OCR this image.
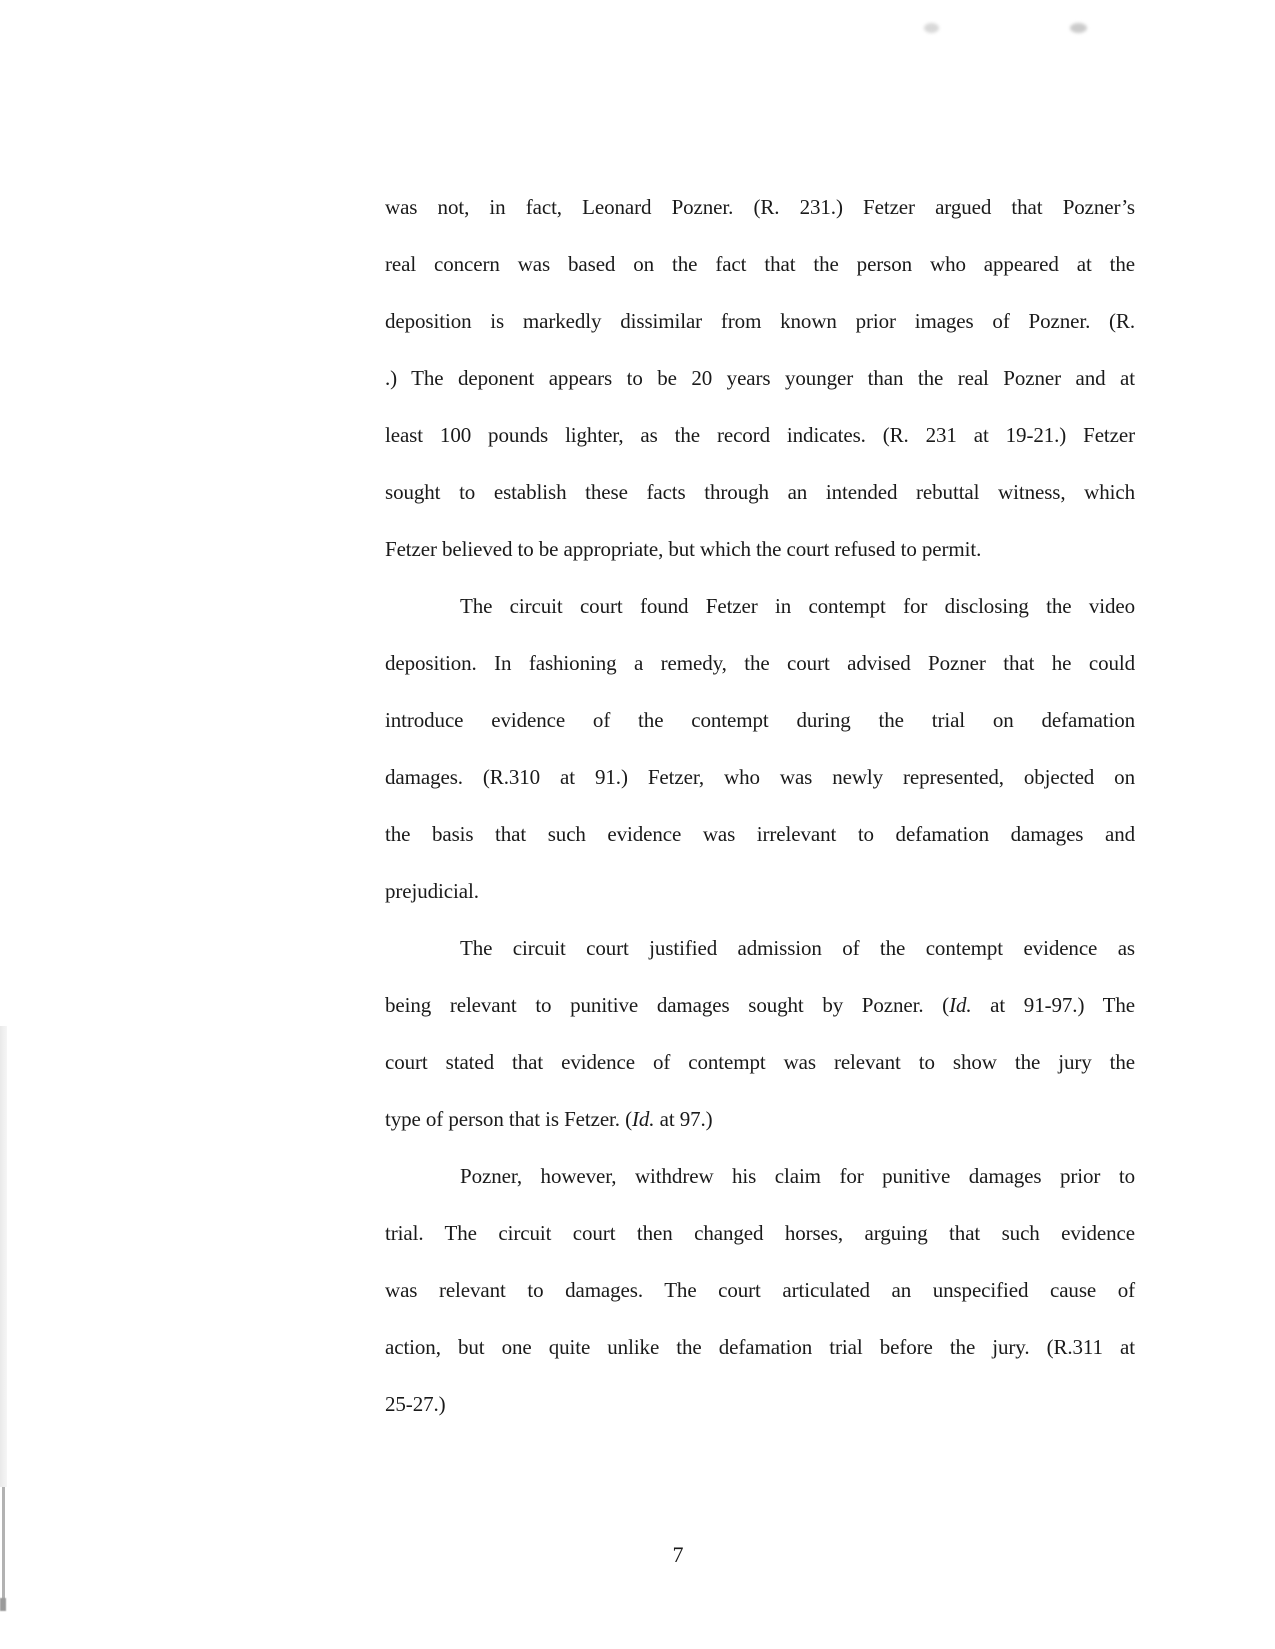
was not, in fact, Leonard Pozner. (R. 231.) Fetzer argued that Pozner’s
real concern was based on the fact that the person who appeared at the
deposition is markedly dissimilar from known prior images of Pozner. (R.
.) The deponent appears to be 20 years younger than the real Pozner and at
least 100 pounds lighter, as the record indicates. (R. 231 at 19-21.) Fetzer
sought to establish these facts through an intended rebuttal witness, which
Fetzer believed to be appropriate, but which the court refused to permit.
The circuit court found Fetzer in contempt for disclosing the video
deposition. In fashioning a remedy, the court advised Pozner that he could
introduce evidence of the contempt during the trial on defamation
damages. (R.310 at 91.) Fetzer, who was newly represented, objected on
the basis that such evidence was irrelevant to defamation damages and
prejudicial.
The circuit court justified admission of the contempt evidence as
being relevant to punitive damages sought by Pozner. (Id. at 91-97.) The
court stated that evidence of contempt was relevant to show the jury the
type of person that is Fetzer. (Id. at 97.)
Pozner, however, withdrew his claim for punitive damages prior to
trial. The circuit court then changed horses, arguing that such evidence
was relevant to damages. The court articulated an unspecified cause of
action, but one quite unlike the defamation trial before the jury. (R.311 at
25-27.)
7
